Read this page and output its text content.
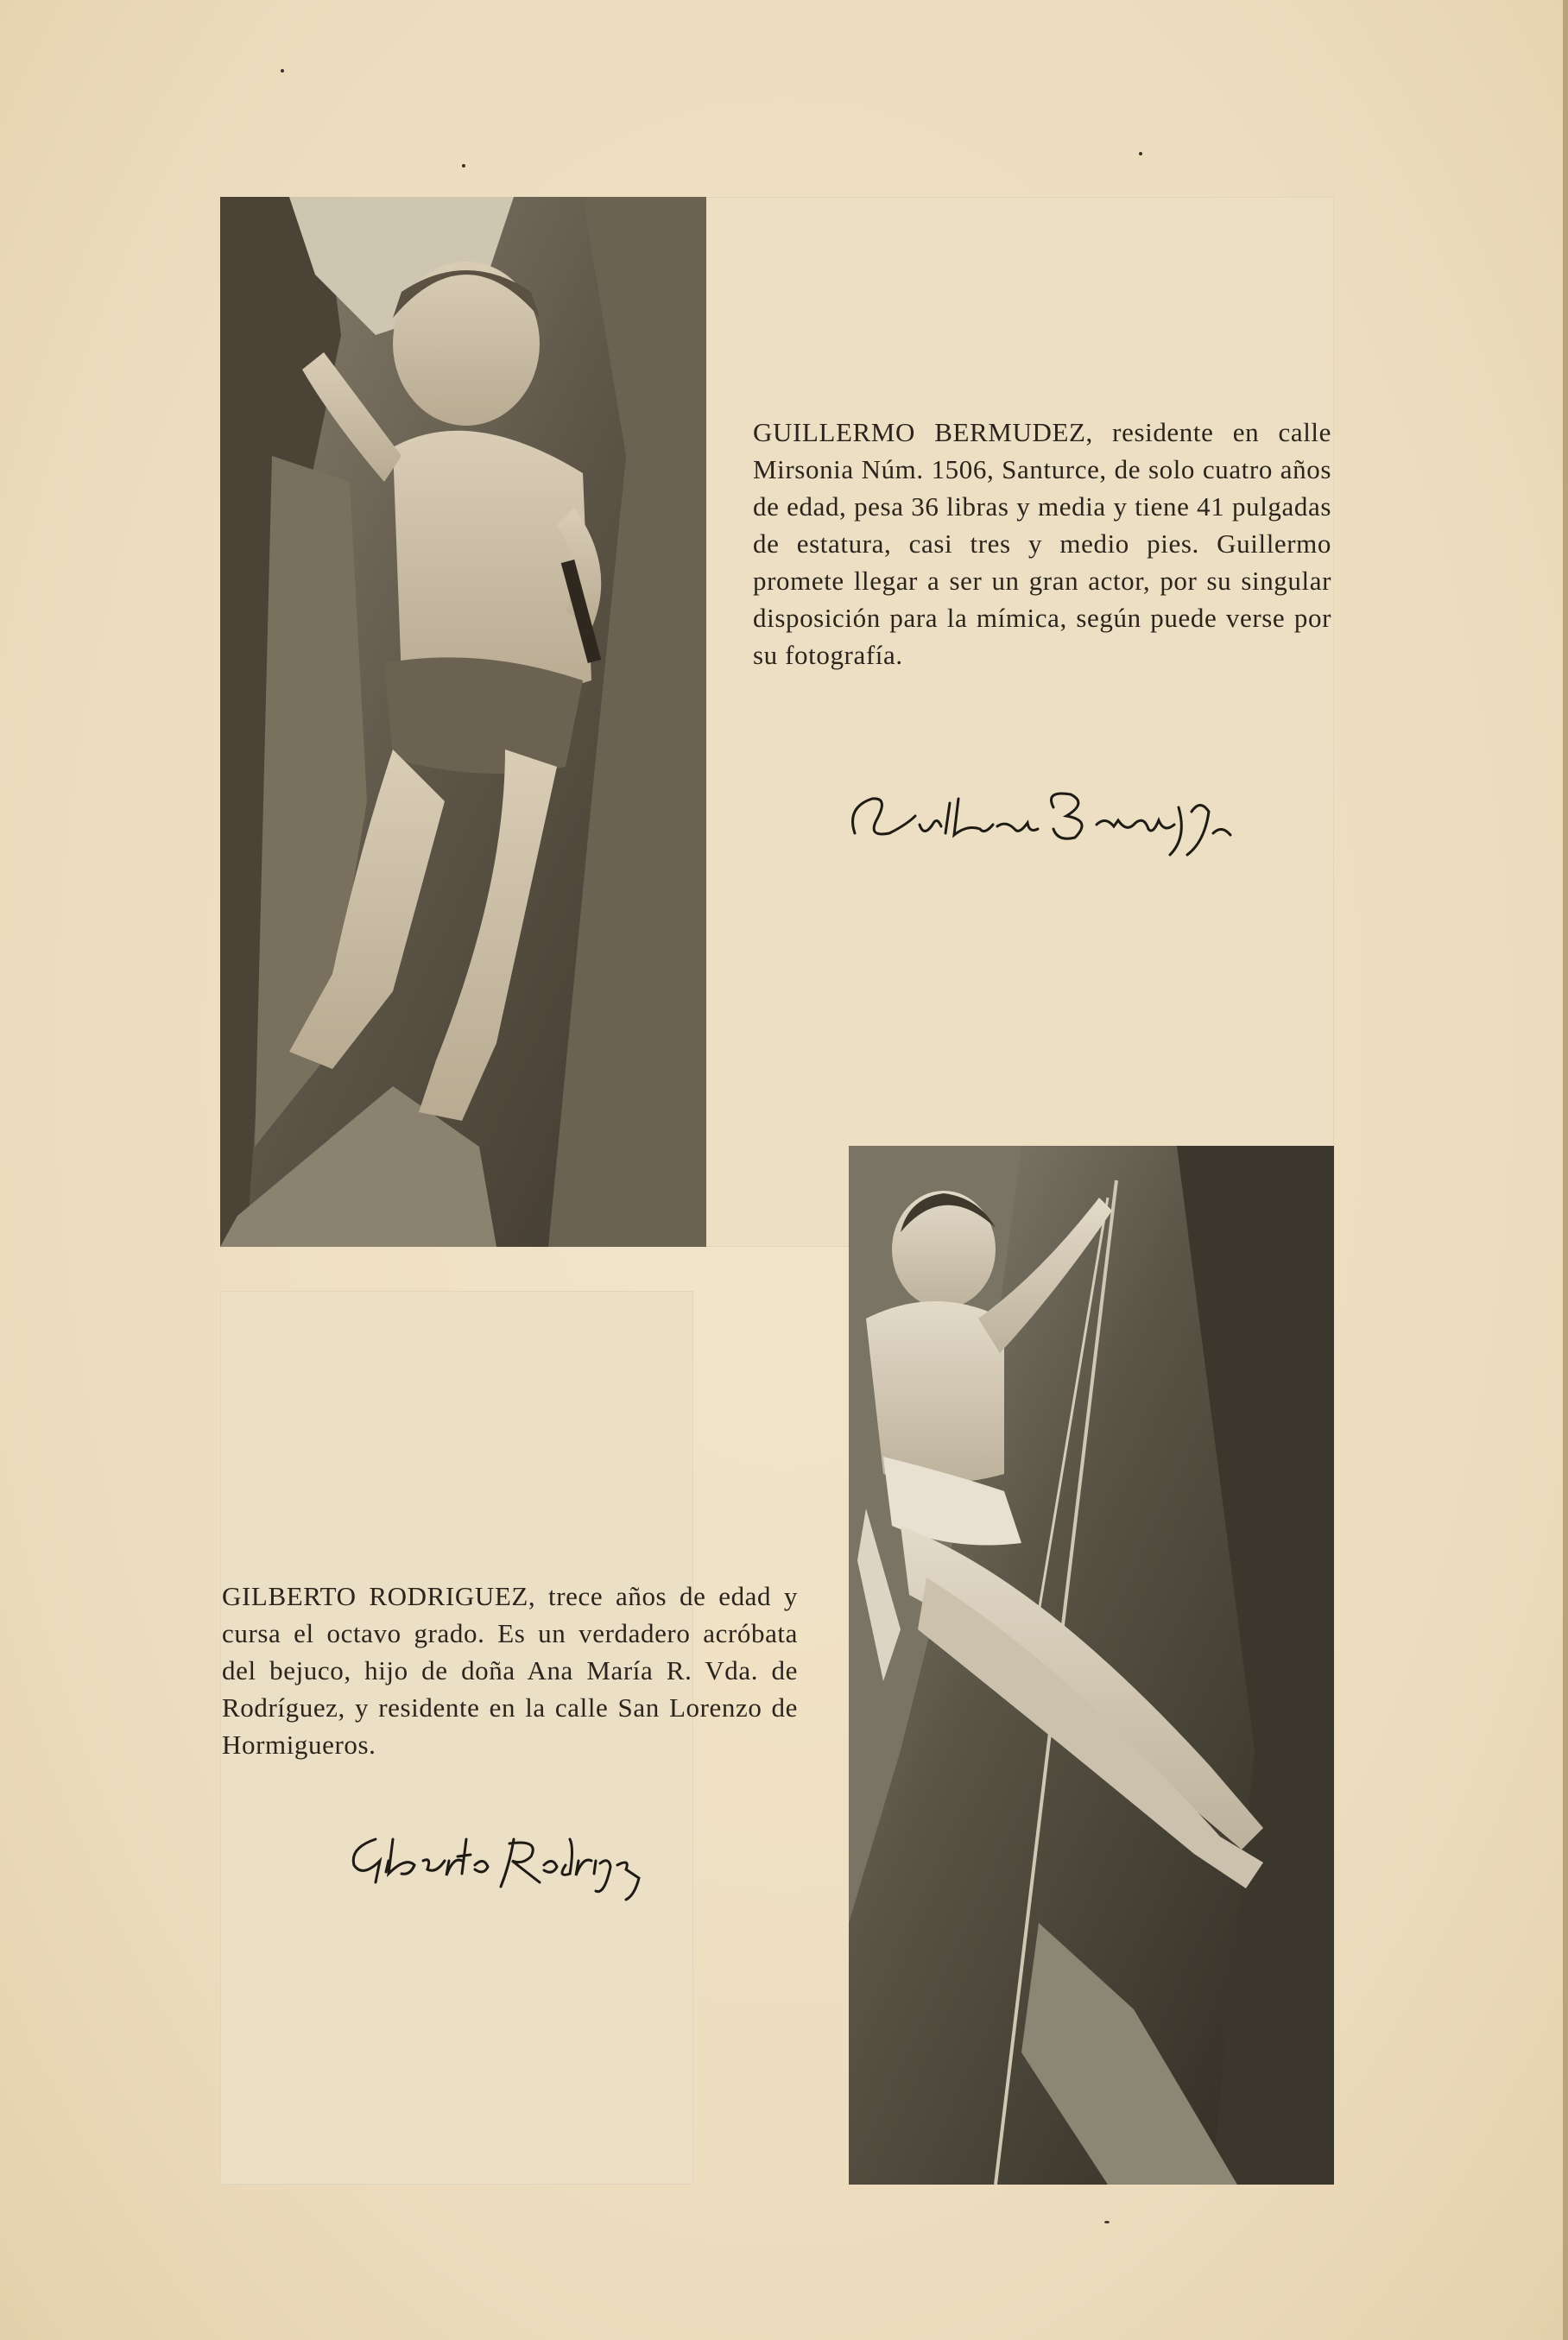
GUILLERMO BERMUDEZ, residente en calle Mirsonia Núm. 1506, Santurce, de solo cuatro años de edad, pesa 36 libras y media y tiene 41 pulgadas de estatura, casi tres y medio pies. Guillermo promete llegar a ser un gran actor, por su singular disposición para la mímica, según puede verse por su fotografía.
GILBERTO RODRIGUEZ, trece años de edad y cursa el octavo grado. Es un verdadero acróbata del bejuco, hijo de doña Ana María R. Vda. de Rodríguez, y residente en la calle San Lorenzo de Hormigueros.
